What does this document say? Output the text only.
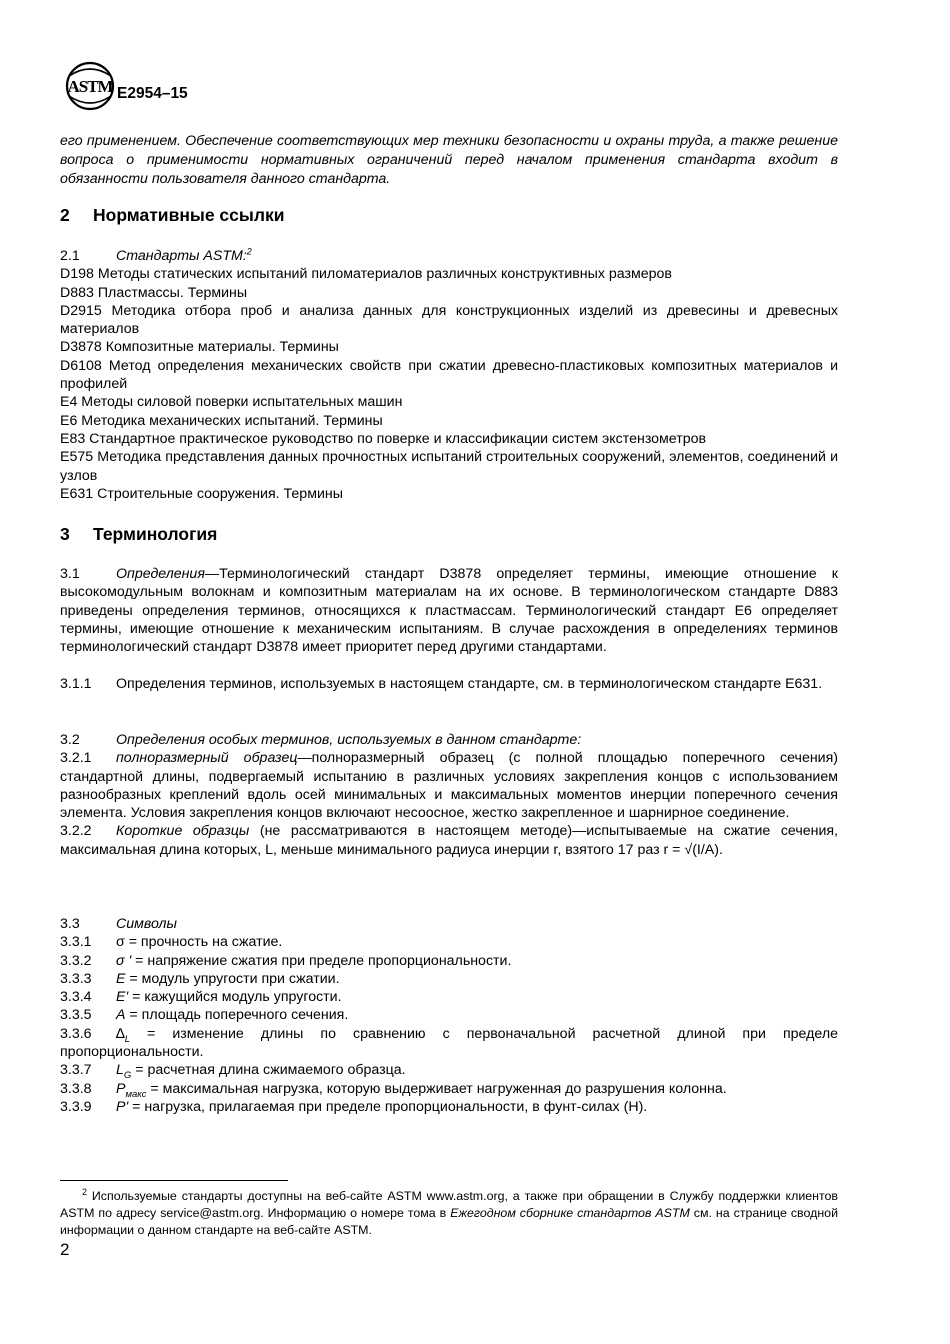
ASTM E2954–15
его применением. Обеспечение соответствующих мер техники безопасности и охраны труда, а также решение вопроса о применимости нормативных ограничений перед началом применения стандарта входит в обязанности пользователя данного стандарта.
2 Нормативные ссылки
2.1	Стандарты ASTM:$^2$
D198 Методы статических испытаний пиломатериалов различных конструктивных размеров
D883 Пластмассы. Термины
D2915 Методика отбора проб и анализа данных для конструкционных изделий из древесины и древесных материалов
D3878 Композитные материалы. Термины
D6108 Метод определения механических свойств при сжатии древесно-пластиковых композитных материалов и профилей
E4 Методы силовой поверки испытательных машин
E6 Методика механических испытаний. Термины
E83 Стандартное практическое руководство по поверке и классификации систем экстензометров
E575 Методика представления данных прочностных испытаний строительных сооружений, элементов, соединений и узлов
E631 Строительные сооружения. Термины
3 Терминология
3.1	Определения—Терминологический стандарт D3878 определяет термины, имеющие отношение к высокомодульным волокнам и композитным материалам на их основе. В терминологическом стандарте D883 приведены определения терминов, относящихся к пластмассам. Терминологический стандарт E6 определяет термины, имеющие отношение к механическим испытаниям. В случае расхождения в определениях терминов терминологический стандарт D3878 имеет приоритет перед другими стандартами.
3.1.1 Определения терминов, используемых в настоящем стандарте, см. в терминологическом стандарте E631.
3.2	Определения особых терминов, используемых в данном стандарте:
3.2.1 полноразмерный образец—полноразмерный образец (с полной площадью поперечного сечения) стандартной длины, подвергаемый испытанию в различных условиях закрепления концов с использованием разнообразных креплений вдоль осей минимальных и максимальных моментов инерции поперечного сечения элемента. Условия закрепления концов включают несоосное, жестко закрепленное и шарнирное соединение.
3.2.2 Короткие образцы (не рассматриваются в настоящем методе)—испытываемые на сжатие сечения, максимальная длина которых, L, меньше минимального радиуса инерции r, взятого 17 раз r = √(I/A).
3.3	Символы
3.3.1 σ = прочность на сжатие.
3.3.2 σ ' = напряжение сжатия при пределе пропорциональности.
3.3.3 E = модуль упругости при сжатии.
3.3.4 E' = кажущийся модуль упругости.
3.3.5 A = площадь поперечного сечения.
3.3.6 $\Delta_L$ = изменение длины по сравнению с первоначальной расчетной длиной при пределе пропорциональности.
3.3.7 $L_G$ = расчетная длина сжимаемого образца.
3.3.8 $P_{макс}$ = максимальная нагрузка, которую выдерживает нагруженная до разрушения колонна.
3.3.9 P' = нагрузка, прилагаемая при пределе пропорциональности, в фунт-силах (Н).
$^2$ Используемые стандарты доступны на веб-сайте ASTM www.astm.org, а также при обращении в Службу поддержки клиентов ASTM по адресу service@astm.org. Информацию о номере тома в Ежегодном сборнике стандартов ASTM см. на странице сводной информации о данном стандарте на веб-сайте ASTM.
2
